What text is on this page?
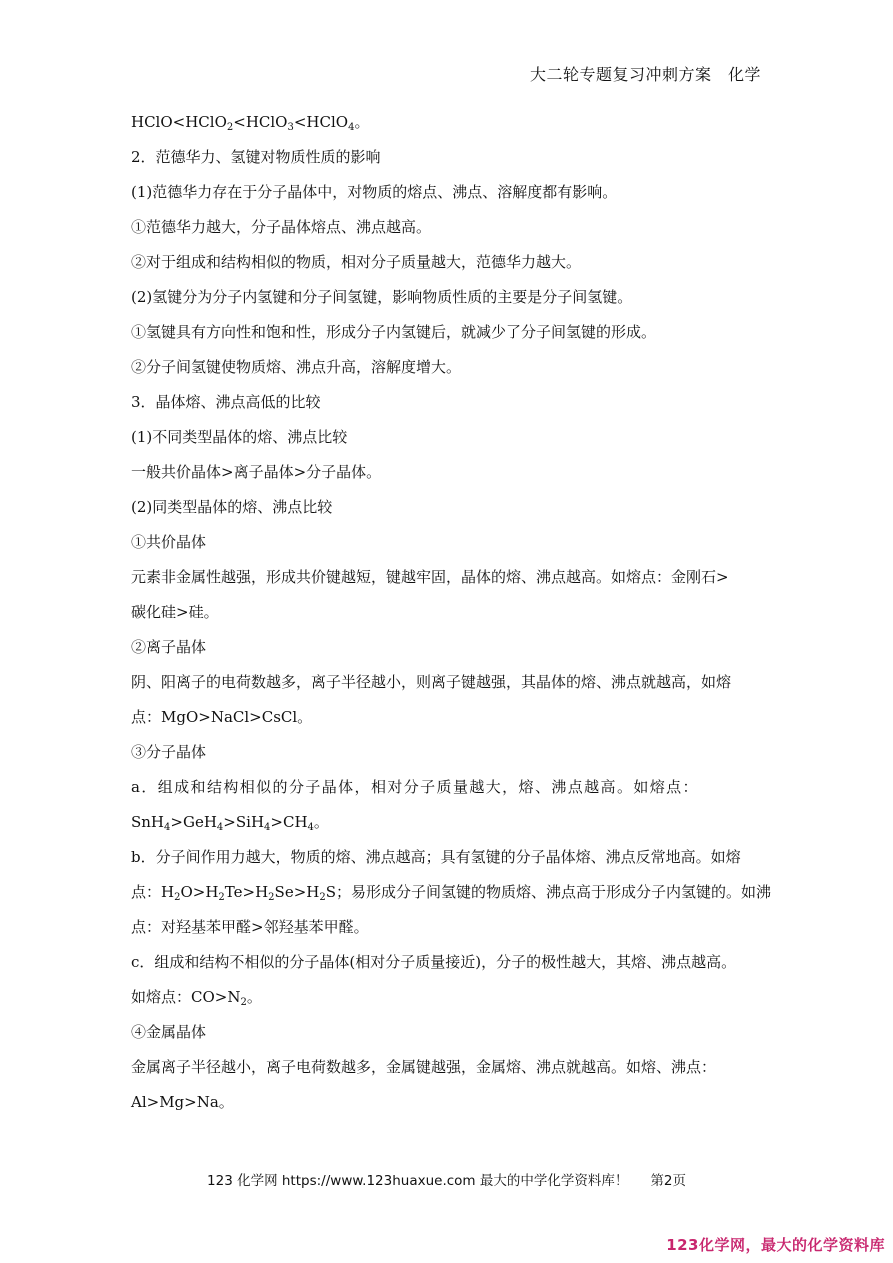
大二轮专题复习冲刺方案　化学
HClO<HClO$_2$<HClO$_3$<HClO$_4$。
2．范德华力、氢键对物质性质的影响
(1)范德华力存在于分子晶体中，对物质的熔点、沸点、溶解度都有影响。
①范德华力越大，分子晶体熔点、沸点越高。
②对于组成和结构相似的物质，相对分子质量越大，范德华力越大。
(2)氢键分为分子内氢键和分子间氢键，影响物质性质的主要是分子间氢键。
①氢键具有方向性和饱和性，形成分子内氢键后，就减少了分子间氢键的形成。
②分子间氢键使物质熔、沸点升高，溶解度增大。
3．晶体熔、沸点高低的比较
(1)不同类型晶体的熔、沸点比较
一般共价晶体>离子晶体>分子晶体。
(2)同类型晶体的熔、沸点比较
①共价晶体
元素非金属性越强，形成共价键越短，键越牢固，晶体的熔、沸点越高。如熔点：金刚石>
碳化硅>硅。
②离子晶体
阴、阳离子的电荷数越多，离子半径越小，则离子键越强，其晶体的熔、沸点就越高，如熔
点：MgO>NaCl>CsCl。
③分子晶体
a．组成和结构相似的分子晶体，相对分子质量越大，熔、沸点越高。如熔点：
$SnH_4>GeH_4>SiH_4>CH_4$。
b．分子间作用力越大，物质的熔、沸点越高；具有氢键的分子晶体熔、沸点反常地高。如熔
点：$H_2O>H_2Te>H_2Se>H_2S$；易形成分子间氢键的物质熔、沸点高于形成分子内氢键的。如沸
点：对羟基苯甲醛>邻羟基苯甲醛。
c．组成和结构不相似的分子晶体(相对分子质量接近)，分子的极性越大，其熔、沸点越高。
如熔点：$CO>N_2$。
④金属晶体
金属离子半径越小，离子电荷数越多，金属键越强，金属熔、沸点就越高。如熔、沸点：
Al>Mg>Na。
123 化学网 https://www.123huaxue.com 最大的中学化学资料库！ 第2页
123化学网，最大的化学资料库
